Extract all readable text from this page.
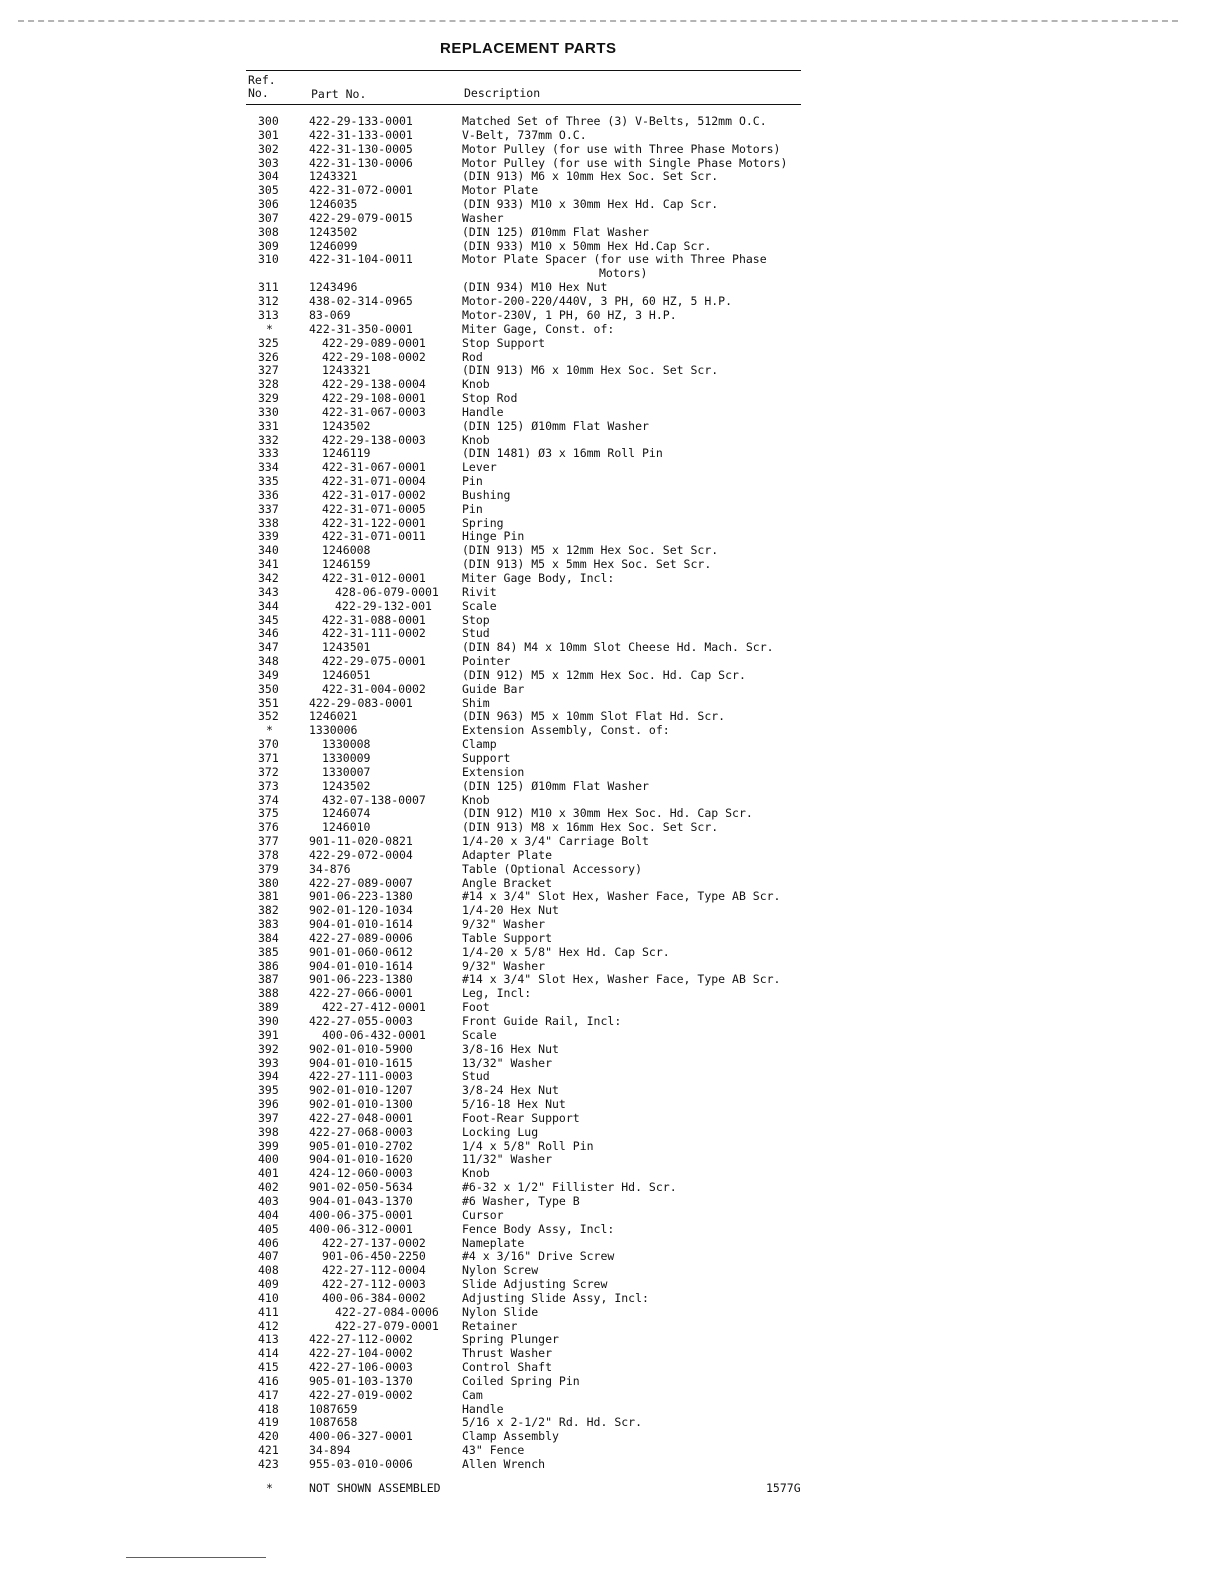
REPLACEMENT PARTS
Ref. No.	Part No.	Description
300	422-29-133-0001	Matched Set of Three (3) V-Belts, 512mm O.C.
301	422-31-133-0001	V-Belt, 737mm O.C.
302	422-31-130-0005	Motor Pulley (for use with Three Phase Motors)
303	422-31-130-0006	Motor Pulley (for use with Single Phase Motors)
304	1243321	(DIN 913) M6 x 10mm Hex Soc. Set Scr.
305	422-31-072-0001	Motor Plate
306	1246035	(DIN 933) M10 x 30mm Hex Hd. Cap Scr.
307	422-29-079-0015	Washer
308	1243502	(DIN 125) Ø10mm Flat Washer
309	1246099	(DIN 933) M10 x 50mm Hex Hd.Cap Scr.
310	422-31-104-0011	Motor Plate Spacer (for use with Three Phase
Motors)
311	1243496	(DIN 934) M10 Hex Nut
312	438-02-314-0965	Motor-200-220/440V, 3 PH, 60 HZ, 5 H.P.
313	83-069	Motor-230V, 1 PH, 60 HZ, 3 H.P.
*	422-31-350-0001	Miter Gage, Const. of:
325	422-29-089-0001	Stop Support
326	422-29-108-0002	Rod
327	1243321	(DIN 913) M6 x 10mm Hex Soc. Set Scr.
328	422-29-138-0004	Knob
329	422-29-108-0001	Stop Rod
330	422-31-067-0003	Handle
331	1243502	(DIN 125) Ø10mm Flat Washer
332	422-29-138-0003	Knob
333	1246119	(DIN 1481) Ø3 x 16mm Roll Pin
334	422-31-067-0001	Lever
335	422-31-071-0004	Pin
336	422-31-017-0002	Bushing
337	422-31-071-0005	Pin
338	422-31-122-0001	Spring
339	422-31-071-0011	Hinge Pin
340	1246008	(DIN 913) M5 x 12mm Hex Soc. Set Scr.
341	1246159	(DIN 913) M5 x 5mm Hex Soc. Set Scr.
342	422-31-012-0001	Miter Gage Body, Incl:
343	428-06-079-0001 Rivit
344	422-29-132-001	Scale
345	422-31-088-0001	Stop
346	422-31-111-0002	Stud
347	1243501	(DIN 84) M4 x 10mm Slot Cheese Hd. Mach. Scr.
348	422-29-075-0001	Pointer
349	1246051	(DIN 912) M5 x 12mm Hex Soc. Hd. Cap Scr.
350	422-31-004-0002	Guide Bar
351	422-29-083-0001	Shim
352	1246021	(DIN 963) M5 x 10mm Slot Flat Hd. Scr.
*	1330006	Extension Assembly, Const. of:
370	1330008	Clamp
371	1330009	Support
372	1330007	Extension
373	1243502	(DIN 125) Ø10mm Flat Washer
374	432-07-138-0007	Knob
375	1246074	(DIN 912) M10 x 30mm Hex Soc. Hd. Cap Scr.
376	1246010	(DIN 913) M8 x 16mm Hex Soc. Set Scr.
377	901-11-020-0821	1/4-20 x 3/4" Carriage Bolt
378	422-29-072-0004	Adapter Plate
379	34-876	Table (Optional Accessory)
380	422-27-089-0007	Angle Bracket
381	901-06-223-1380	#14 x 3/4" Slot Hex, Washer Face, Type AB Scr.
382	902-01-120-1034	1/4-20 Hex Nut
383	904-01-010-1614	9/32" Washer
384	422-27-089-0006	Table Support
385	901-01-060-0612	1/4-20 x 5/8" Hex Hd. Cap Scr.
386	904-01-010-1614	9/32" Washer
387	901-06-223-1380	#14 x 3/4" Slot Hex, Washer Face, Type AB Scr.
388	422-27-066-0001	Leg, Incl:
389	422-27-412-0001	Foot
390	422-27-055-0003	Front Guide Rail, Incl:
391	400-06-432-0001	Scale
392	902-01-010-5900	3/8-16 Hex Nut
393	904-01-010-1615	13/32" Washer
394	422-27-111-0003	Stud
395	902-01-010-1207	3/8-24 Hex Nut
396	902-01-010-1300	5/16-18 Hex Nut
397	422-27-048-0001	Foot-Rear Support
398	422-27-068-0003	Locking Lug
399	905-01-010-2702	1/4 x 5/8" Roll Pin
400	904-01-010-1620	11/32" Washer
401	424-12-060-0003	Knob
402	901-02-050-5634	#6-32 x 1/2" Fillister Hd. Scr.
403	904-01-043-1370	#6 Washer, Type B
404	400-06-375-0001	Cursor
405	400-06-312-0001	Fence Body Assy, Incl:
406	422-27-137-0002	Nameplate
407	901-06-450-2250	#4 x 3/16" Drive Screw
408	422-27-112-0004	Nylon Screw
409	422-27-112-0003	Slide Adjusting Screw
410	400-06-384-0002	Adjusting Slide Assy, Incl:
411	422-27-084-0006 Nylon Slide
412	422-27-079-0001 Retainer
413	422-27-112-0002	Spring Plunger
414	422-27-104-0002	Thrust Washer
415	422-27-106-0003	Control Shaft
416	905-01-103-1370	Coiled Spring Pin
417	422-27-019-0002	Cam
418	1087659	Handle
419	1087658	5/16 x 2-1/2" Rd. Hd. Scr.
420	400-06-327-0001	Clamp Assembly
421	34-894	43" Fence
423	955-03-010-0006	Allen Wrench
*	NOT SHOWN ASSEMBLED	1577G
